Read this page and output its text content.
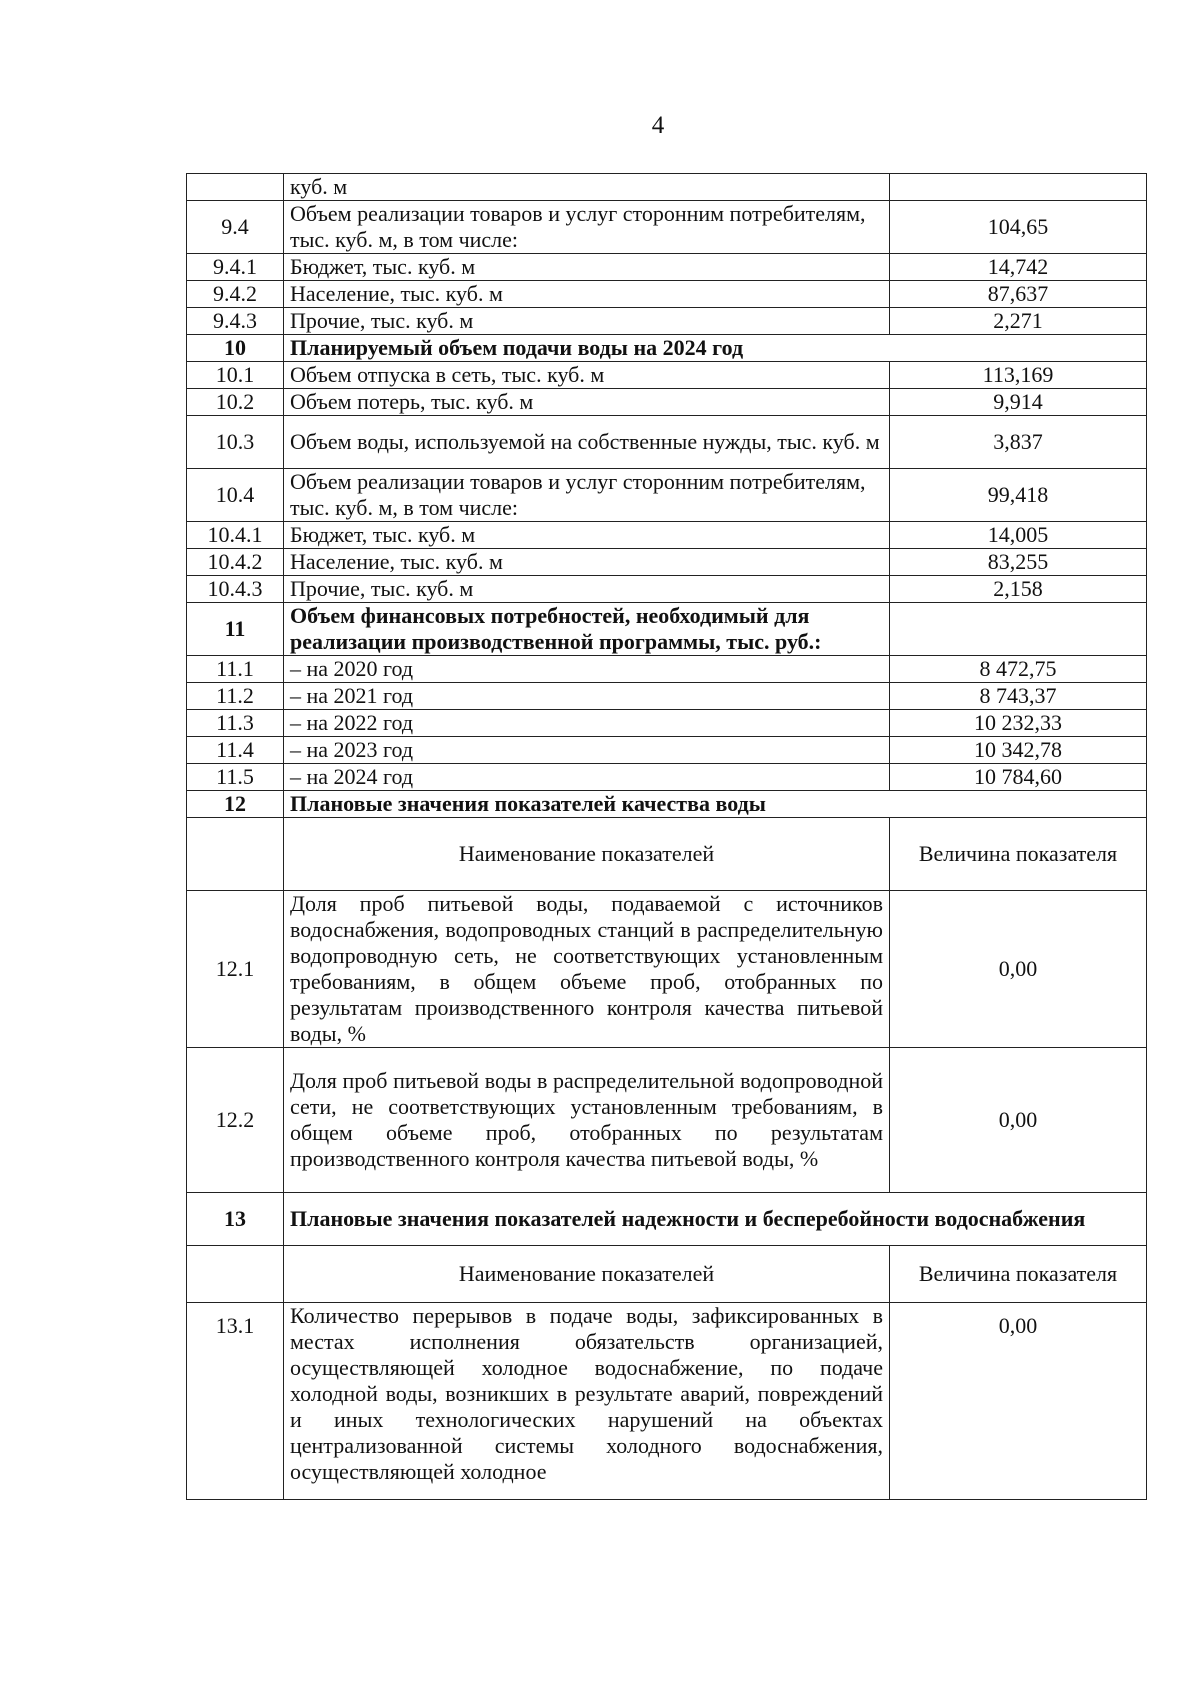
4
	куб. м	
9.4	Объем реализации товаров и услуг сторонним потребителям, тыс. куб. м, в том числе:	104,65
9.4.1	Бюджет, тыс. куб. м	14,742
9.4.2	Население, тыс. куб. м	87,637
9.4.3	Прочие, тыс. куб. м	2,271
10	Планируемый объем подачи воды на 2024 год	
10.1	Объем отпуска в сеть, тыс. куб. м	113,169
10.2	Объем потерь, тыс. куб. м	9,914
10.3	Объем воды, используемой на собственные нужды, тыс. куб. м	3,837
10.4	Объем реализации товаров и услуг сторонним потребителям, тыс. куб. м, в том числе:	99,418
10.4.1	Бюджет, тыс. куб. м	14,005
10.4.2	Население, тыс. куб. м	83,255
10.4.3	Прочие, тыс. куб. м	2,158
11	Объем финансовых потребностей, необходимый для реализации производственной программы, тыс. руб.:	
11.1	– на 2020 год	8 472,75
11.2	– на 2021 год	8 743,37
11.3	– на 2022 год	10 232,33
11.4	– на 2023 год	10 342,78
11.5	– на 2024 год	10 784,60
12	Плановые значения показателей качества воды	
	Наименование показателей	Величина показателя
12.1	Доля проб питьевой воды, подаваемой с источников водоснабжения, водопроводных станций в распределительную водопроводную сеть, не соответствующих установленным требованиям, в общем объеме проб, отобранных по результатам производственного контроля качества питьевой воды, %	0,00
12.2	Доля проб питьевой воды в распределительной водопроводной сети, не соответствующих установленным требованиям, в общем объеме проб, отобранных по результатам производственного контроля качества питьевой воды, %	0,00
13	Плановые значения показателей надежности и бесперебойности водоснабжения	
	Наименование показателей	Величина показателя
13.1	Количество перерывов в подаче воды, зафиксированных в местах исполнения обязательств организацией, осуществляющей холодное водоснабжение, по подаче холодной воды, возникших в результате аварий, повреждений и иных технологических нарушений на объектах централизованной системы холодного водоснабжения, осуществляющей холодное	0,00
